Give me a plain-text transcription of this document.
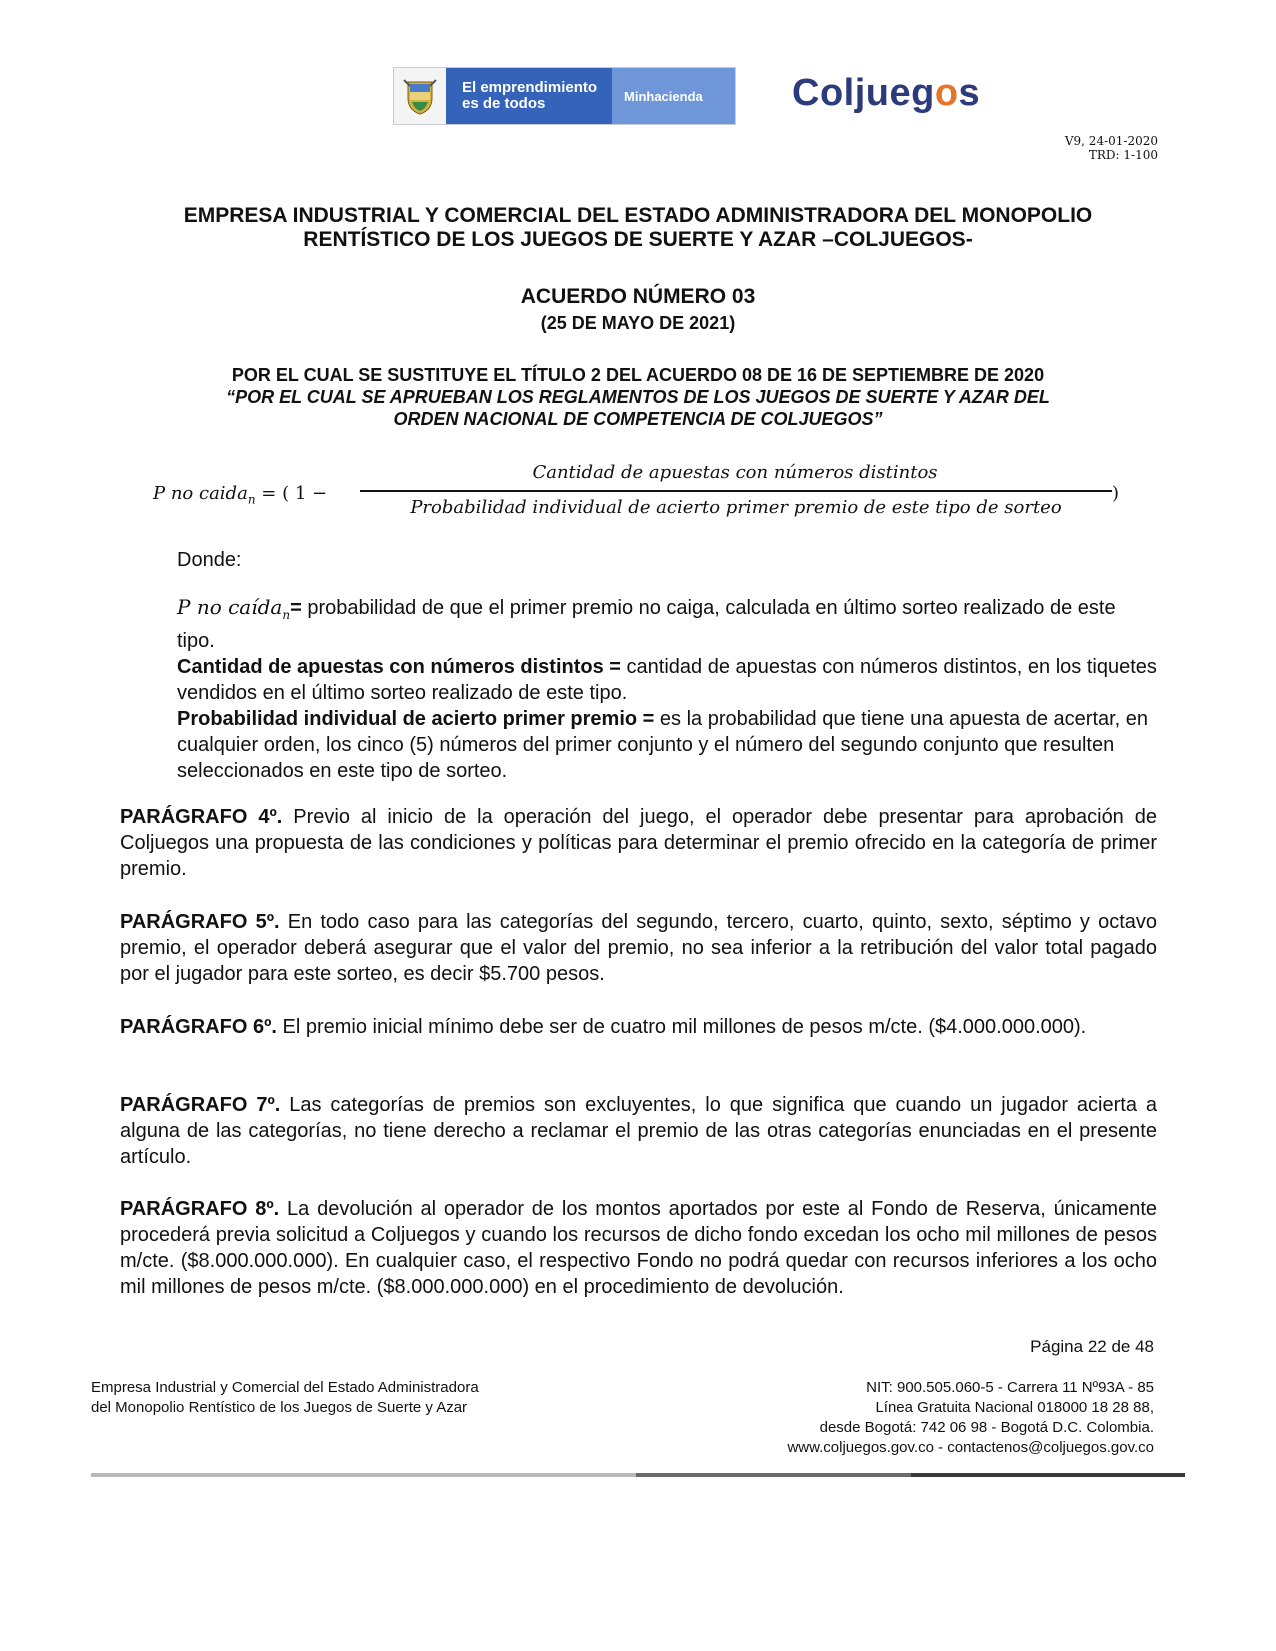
El emprendimiento
es de todos	Minhacienda	Coljuegos
V9, 24-01-2020
TRD: 1-100
EMPRESA INDUSTRIAL Y COMERCIAL DEL ESTADO ADMINISTRADORA DEL MONOPOLIO
RENTÍSTICO DE LOS JUEGOS DE SUERTE Y AZAR –COLJUEGOS-
ACUERDO NÚMERO 03
(25 DE MAYO DE 2021)
POR EL CUAL SE SUSTITUYE EL TÍTULO 2 DEL ACUERDO 08 DE 16 DE SEPTIEMBRE DE 2020
“POR EL CUAL SE APRUEBAN LOS REGLAMENTOS DE LOS JUEGOS DE SUERTE Y AZAR DEL
ORDEN NACIONAL DE COMPETENCIA DE COLJUEGOS”
P no caida$_n$ = ( 1 −
Cantidad de apuestas con números distintos
Probabilidad individual de acierto primer premio de este tipo de sorteo
)
Donde:

P no caída$_n$= probabilidad de que el primer premio no caiga, calculada en último sorteo realizado de este tipo.

Cantidad de apuestas con números distintos = cantidad de apuestas con números distintos, en los tiquetes vendidos en el último sorteo realizado de este tipo.

Probabilidad individual de acierto primer premio = es la probabilidad que tiene una apuesta de acertar, en cualquier orden, los cinco (5) números del primer conjunto y el número del segundo conjunto que resulten seleccionados en este tipo de sorteo.

PARÁGRAFO 4º. Previo al inicio de la operación del juego, el operador debe presentar para aprobación de Coljuegos una propuesta de las condiciones y políticas para determinar el premio ofrecido en la categoría de primer premio.

PARÁGRAFO 5º. En todo caso para las categorías del segundo, tercero, cuarto, quinto, sexto, séptimo y octavo premio, el operador deberá asegurar que el valor del premio, no sea inferior a la retribución del valor total pagado por el jugador para este sorteo, es decir $5.700 pesos.

PARÁGRAFO 6º. El premio inicial mínimo debe ser de cuatro mil millones de pesos m/cte. ($4.000.000.000).

PARÁGRAFO 7º. Las categorías de premios son excluyentes, lo que significa que cuando un jugador acierta a alguna de las categorías, no tiene derecho a reclamar el premio de las otras categorías enunciadas en el presente artículo.

PARÁGRAFO 8º. La devolución al operador de los montos aportados por este al Fondo de Reserva, únicamente procederá previa solicitud a Coljuegos y cuando los recursos de dicho fondo excedan los ocho mil millones de pesos m/cte. ($8.000.000.000). En cualquier caso, el respectivo Fondo no podrá quedar con recursos inferiores a los ocho mil millones de pesos m/cte. ($8.000.000.000) en el procedimiento de devolución.

Página 22 de 48
Empresa Industrial y Comercial del Estado Administradora
del Monopolio Rentístico de los Juegos de Suerte y Azar
NIT: 900.505.060-5 - Carrera 11 Nº93A - 85
Línea Gratuita Nacional 018000 18 28 88,
desde Bogotá: 742 06 98 - Bogotá D.C. Colombia.
www.coljuegos.gov.co - contactenos@coljuegos.gov.co
